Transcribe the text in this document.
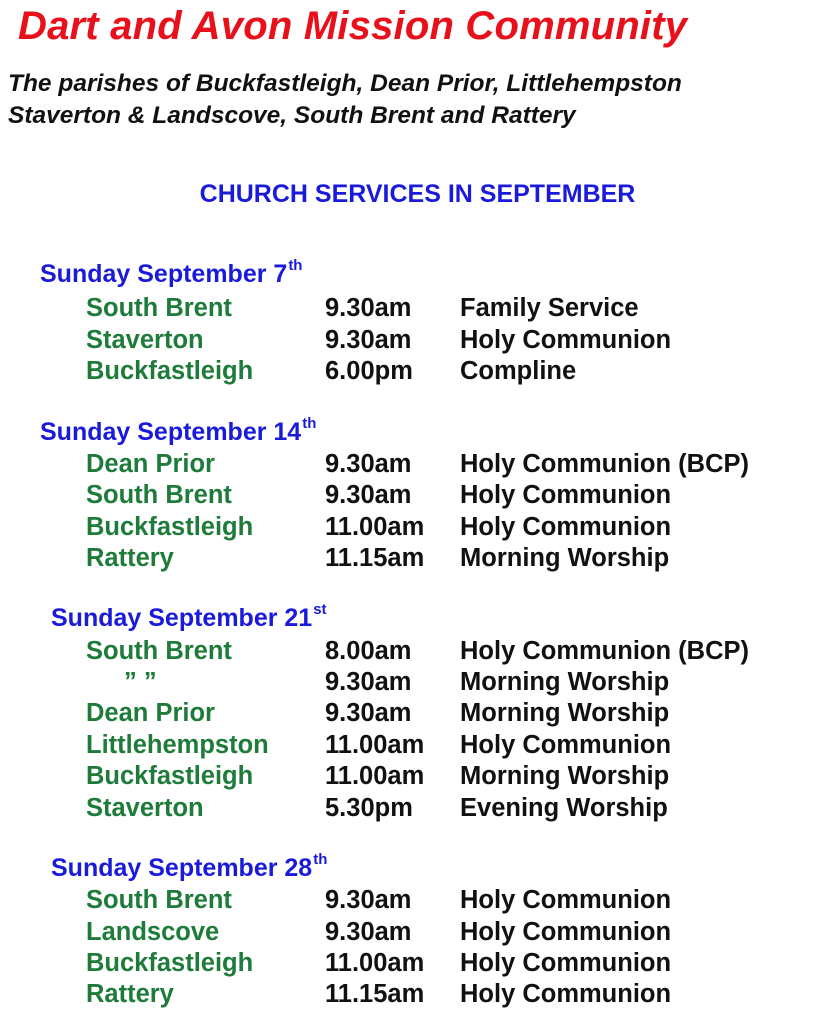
Dart and Avon Mission Community
The parishes of Buckfastleigh, Dean Prior, Littlehempston
Staverton & Landscove, South Brent and Rattery
CHURCH SERVICES IN SEPTEMBER
Sunday September 7th
South Brent	9.30am Family Service
Staverton	9.30am Holy Communion
Buckfastleigh	6.00pm Compline
Sunday September 14th
Dean Prior	9.30am Holy Communion (BCP)
South Brent	9.30am Holy Communion
Buckfastleigh	11.00am Holy Communion
Rattery	11.15am Morning Worship
Sunday September 21st
South Brent	8.00am Holy Communion (BCP)
” ”	9.30am Morning Worship
Dean Prior	9.30am Morning Worship
Littlehempston 11.00am Holy Communion
Buckfastleigh	11.00am Morning Worship
Staverton	5.30pm Evening Worship
Sunday September 28th
South Brent	9.30am Holy Communion
Landscove	9.30am Holy Communion
Buckfastleigh	11.00am Holy Communion
Rattery	11.15am Holy Communion
